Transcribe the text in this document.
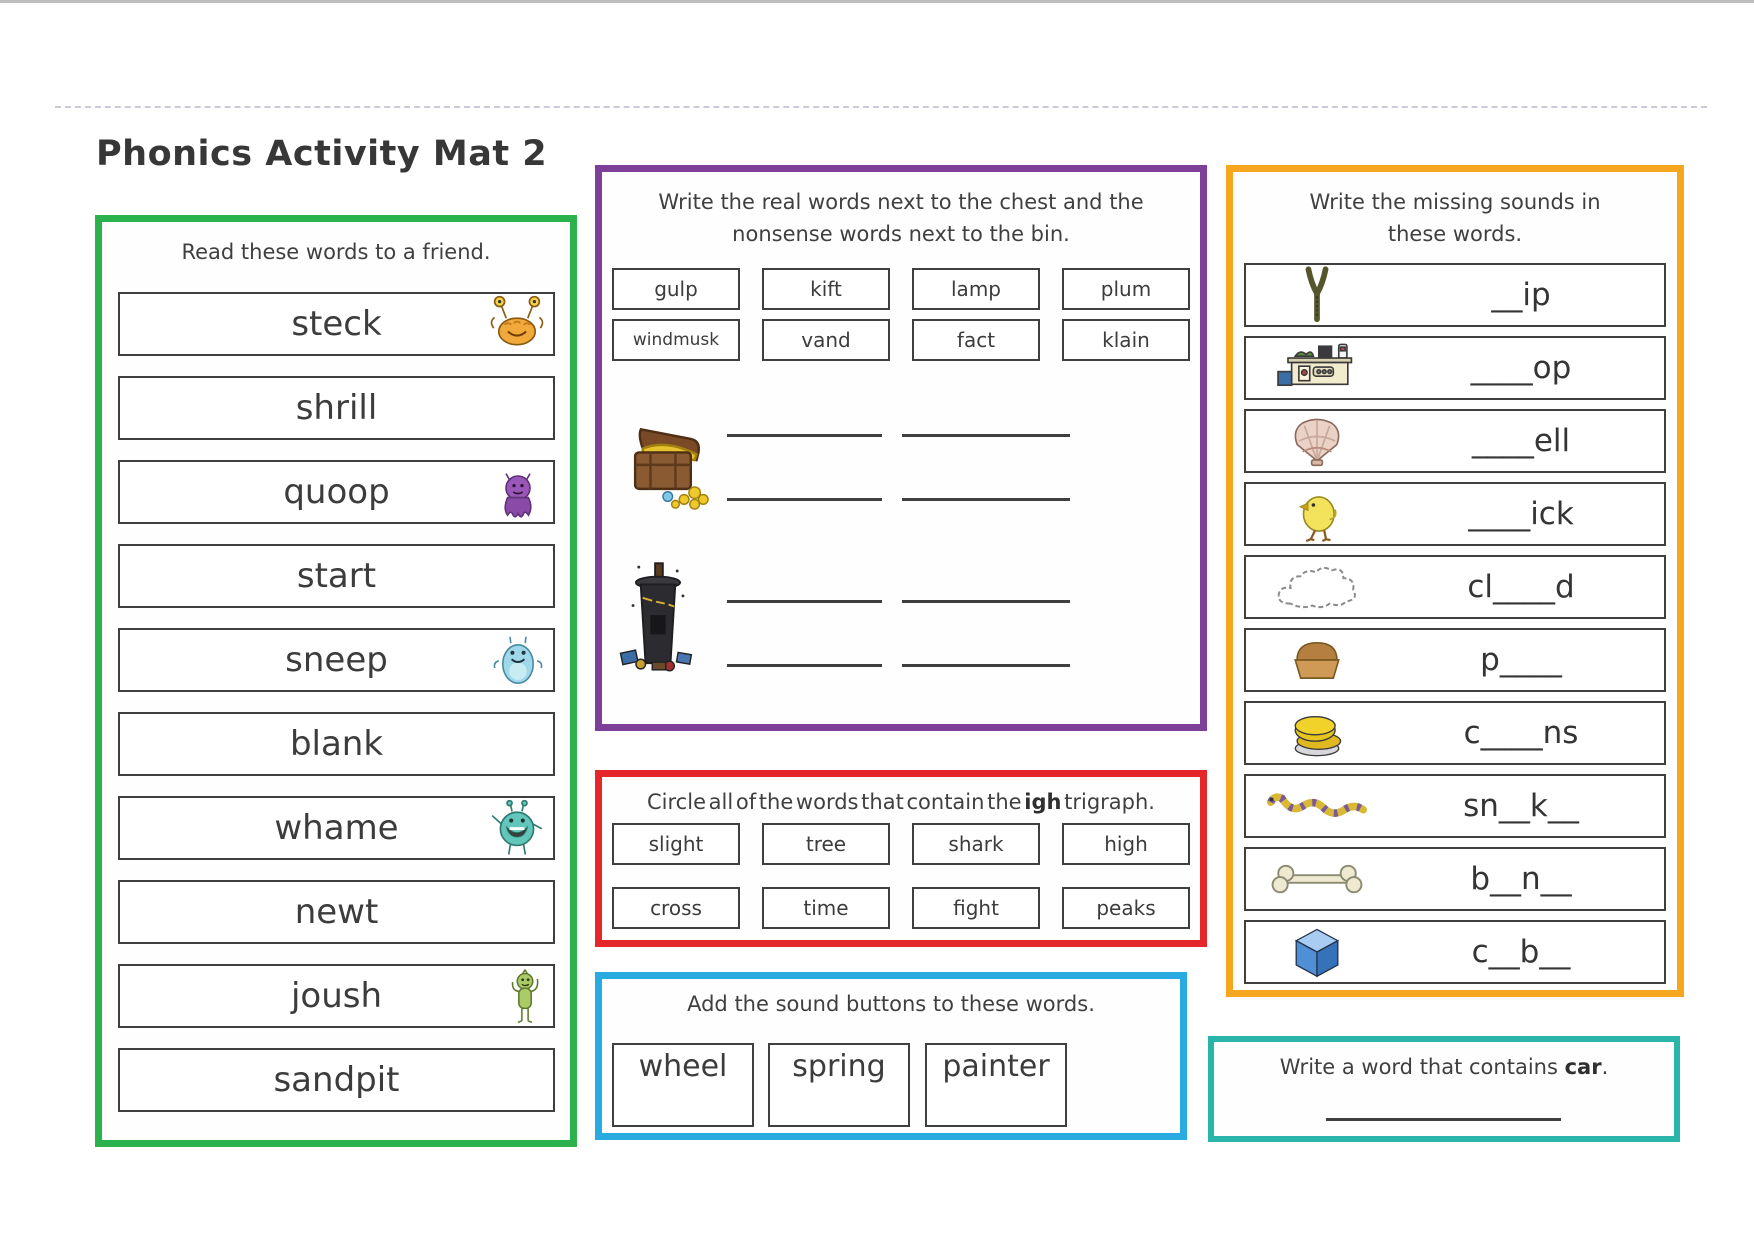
Phonics Activity Mat 2
Read these words to a friend.
steck
shrill
quoop
start
sneep
blank
whame
newt
joush
sandpit
Write the real words next to the chest and the
nonsense words next to the bin.
gulp	kift	lamp	plum
windmusk	vand	fact	klain
Circle all of the words that contain the igh trigraph.
slight	tree	shark	high
cross	time	fight	peaks
Add the sound buttons to these words.
wheel	spring	painter
Write the missing sounds in
these words.
__ip
____op
____ell
____ick
cl____d
p____
c____ns
sn__k__
b__n__
c__b__
Write a word that contains car.
